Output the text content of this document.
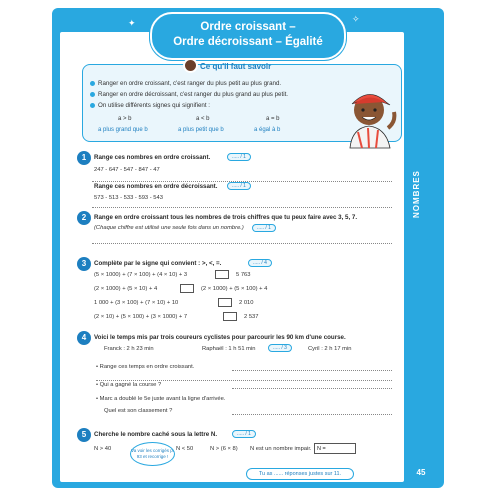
Ordre croissant –
Ordre décroissant – Égalité
✦
✦
✧
Ce qu'il faut savoir
Ranger en ordre croissant, c'est ranger du plus petit au plus grand.
Ranger en ordre décroissant, c'est ranger du plus grand au plus petit.
On utilise différents signes qui signifient :
a > b
a plus grand que b
a < b
a plus petit que b
a = b
a égal à b
NOMBRES
1	Range ces nombres en ordre croissant.	..... / 1
247 - 647 - 547 - 847 - 47
Range ces nombres en ordre décroissant.	..... / 1
573 - 513 - 533 - 593 - 543
2	Range en ordre croissant tous les nombres de trois chiffres que tu peux faire avec 3, 5, 7.
(Chaque chiffre est utilisé une seule fois dans un nombre.)	..... / 1
3	Complète par le signe qui convient : >, <, =.	..... / 4
(5 × 1000) + (7 × 100) + (4 × 10) + 3	5 763
(2 × 1000) + (5 × 10) + 4	(2 × 1000) + (5 × 100) + 4
1 000 + (3 × 100) + (7 × 10) + 10	2 010
(2 × 10) + (5 × 100) + (3 × 1000) + 7	2 537
4	Voici le temps mis par trois coureurs cyclistes pour parcourir les 90 km d'une course.
..... / 3
Franck : 2 h 23 min	Raphaël : 1 h 51 min	Cyril : 2 h 17 min
• Range ces temps en ordre croissant.
• Qui a gagné la course ?
• Marc a doublé le 5e juste avant la ligne d'arrivée.
Quel est son classement ?
5	Cherche le nombre caché sous la lettre N.	..... / 1
N > 40	N < 50	N > (6 × 8) N est un nombre impair. N =
Va voir les corrigés p. 93 et recorrige !
Tu as ...... réponses justes sur 11.	45
